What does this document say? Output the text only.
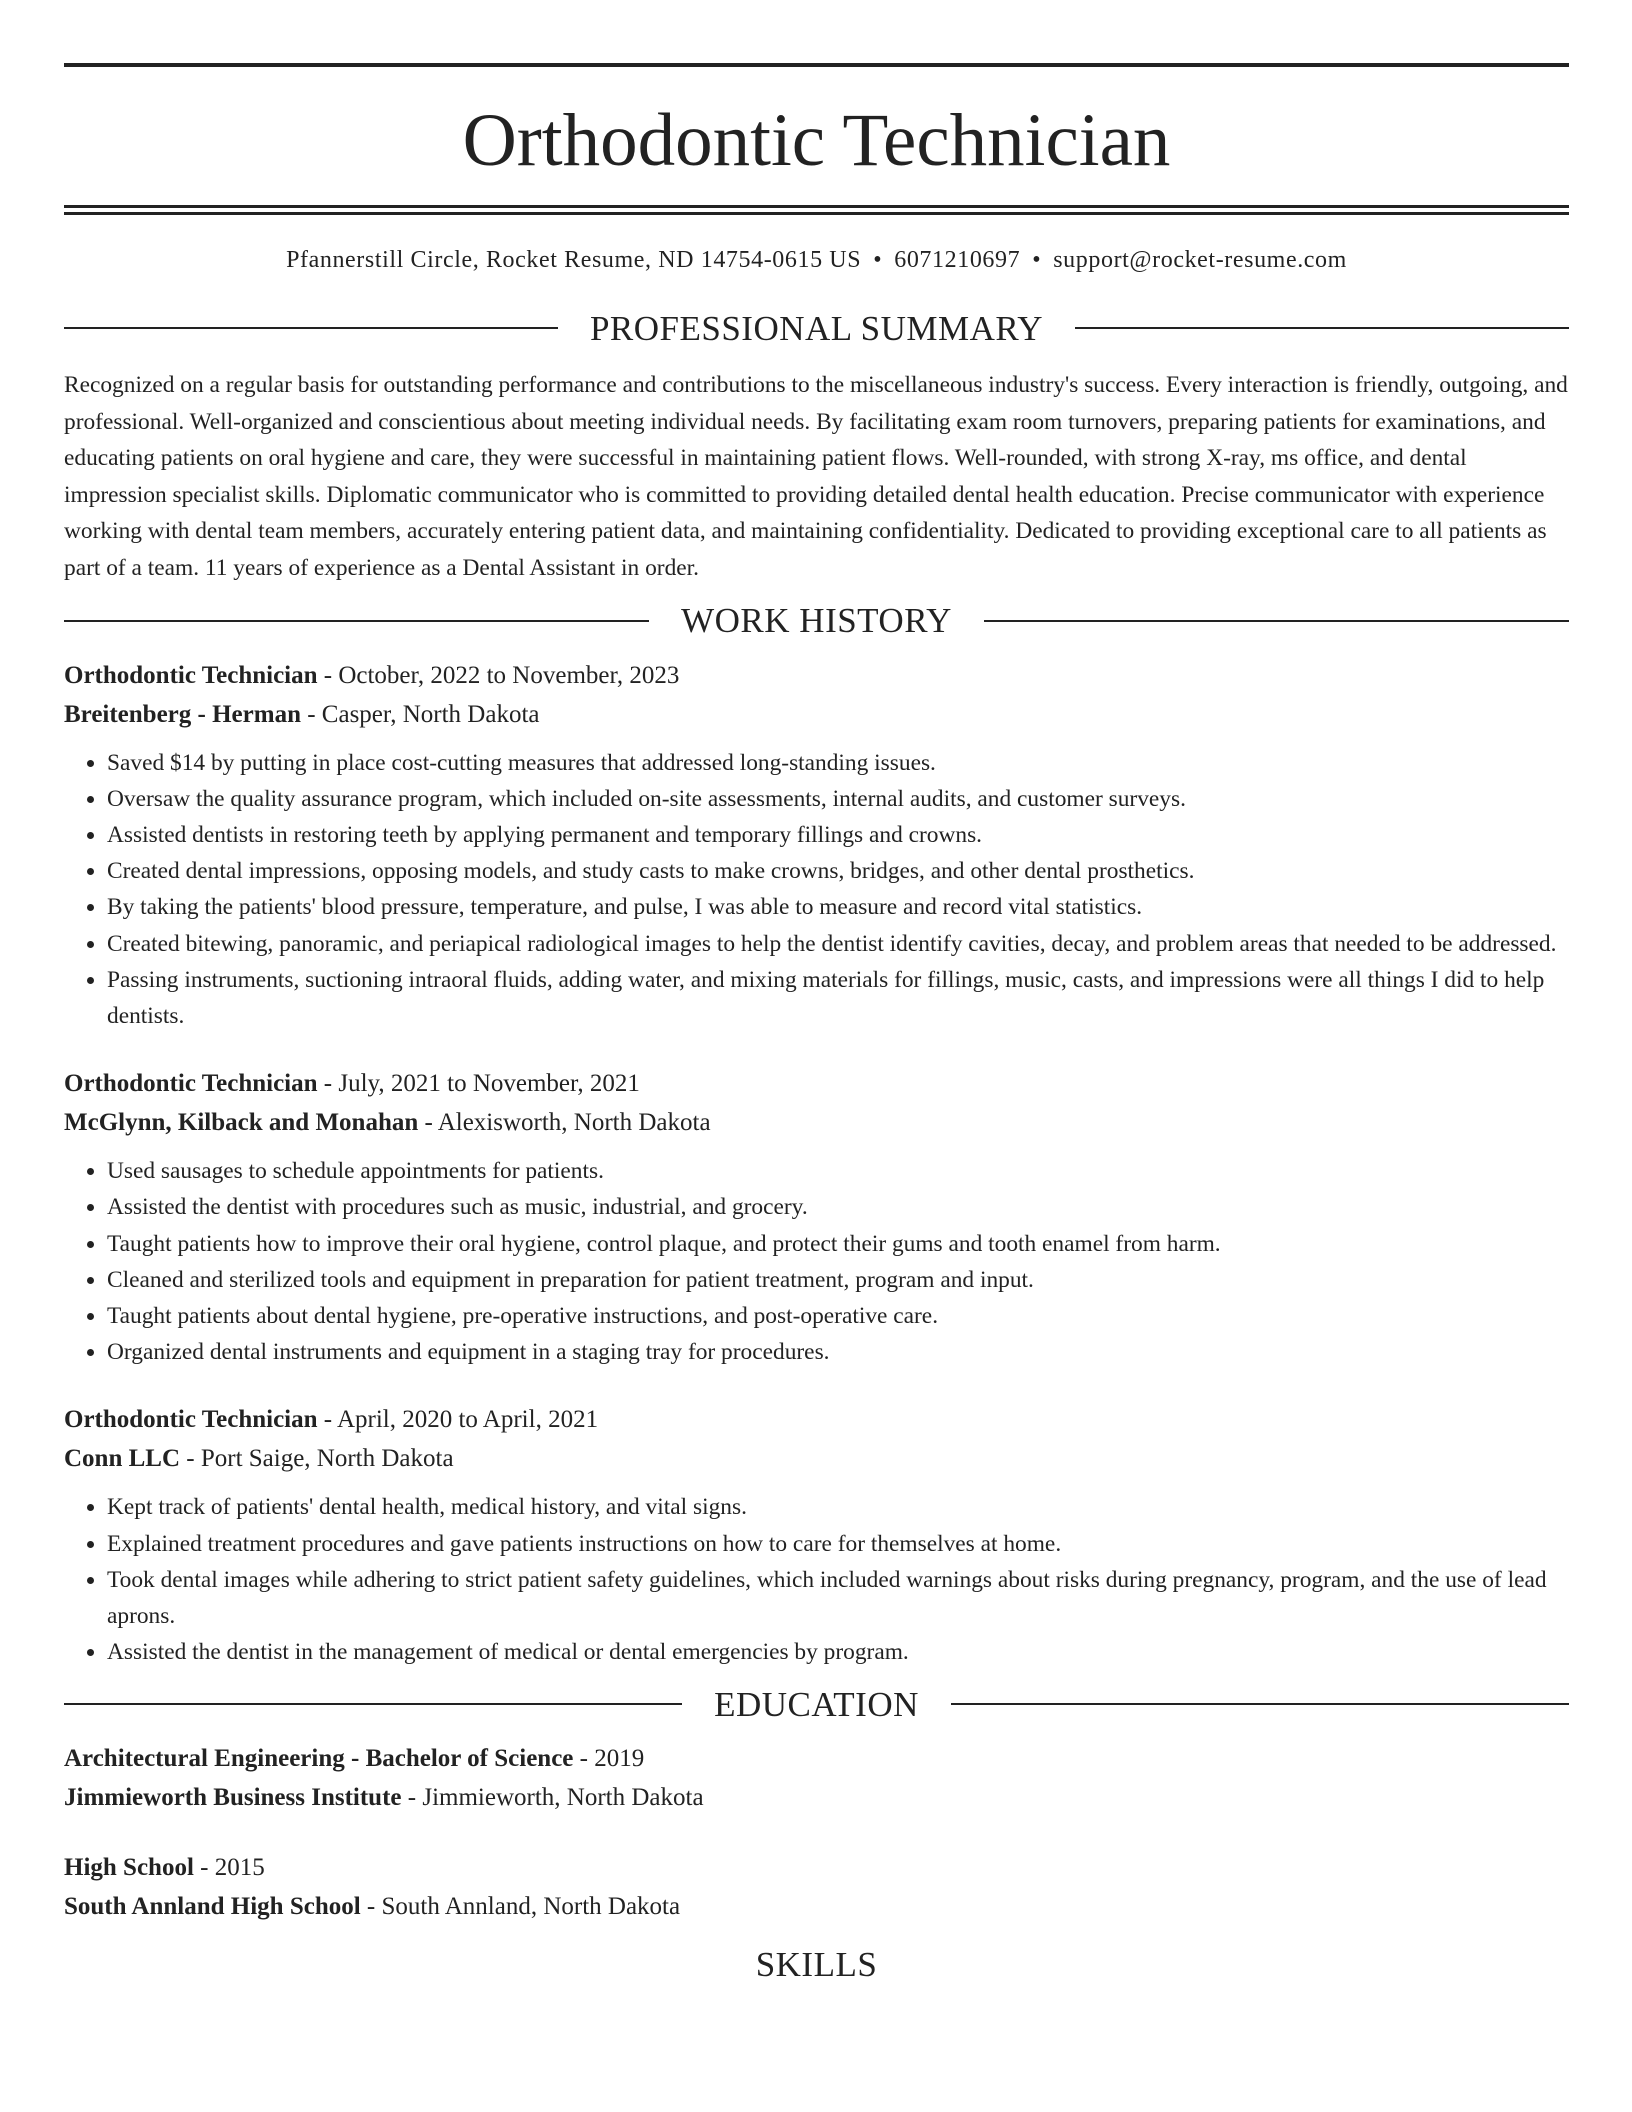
Orthodontic Technician
Pfannerstill Circle, Rocket Resume, ND 14754-0615 US • 6071210697 • support@rocket-resume.com
PROFESSIONAL SUMMARY
Recognized on a regular basis for outstanding performance and contributions to the miscellaneous industry's success. Every interaction is friendly, outgoing, and professional. Well-organized and conscientious about meeting individual needs. By facilitating exam room turnovers, preparing patients for examinations, and educating patients on oral hygiene and care, they were successful in maintaining patient flows. Well-rounded, with strong X-ray, ms office, and dental impression specialist skills. Diplomatic communicator who is committed to providing detailed dental health education. Precise communicator with experience working with dental team members, accurately entering patient data, and maintaining confidentiality. Dedicated to providing exceptional care to all patients as part of a team. 11 years of experience as a Dental Assistant in order.
WORK HISTORY
Orthodontic Technician - October, 2022 to November, 2023
Breitenberg - Herman - Casper, North Dakota
• Saved $14 by putting in place cost-cutting measures that addressed long-standing issues.
• Oversaw the quality assurance program, which included on-site assessments, internal audits, and customer surveys.
• Assisted dentists in restoring teeth by applying permanent and temporary fillings and crowns.
• Created dental impressions, opposing models, and study casts to make crowns, bridges, and other dental prosthetics.
• By taking the patients' blood pressure, temperature, and pulse, I was able to measure and record vital statistics.
• Created bitewing, panoramic, and periapical radiological images to help the dentist identify cavities, decay, and problem areas that needed to be addressed.
• Passing instruments, suctioning intraoral fluids, adding water, and mixing materials for fillings, music, casts, and impressions were all things I did to help dentists.
Orthodontic Technician - July, 2021 to November, 2021
McGlynn, Kilback and Monahan - Alexisworth, North Dakota
• Used sausages to schedule appointments for patients.
• Assisted the dentist with procedures such as music, industrial, and grocery.
• Taught patients how to improve their oral hygiene, control plaque, and protect their gums and tooth enamel from harm.
• Cleaned and sterilized tools and equipment in preparation for patient treatment, program and input.
• Taught patients about dental hygiene, pre-operative instructions, and post-operative care.
• Organized dental instruments and equipment in a staging tray for procedures.
Orthodontic Technician - April, 2020 to April, 2021
Conn LLC - Port Saige, North Dakota
• Kept track of patients' dental health, medical history, and vital signs.
• Explained treatment procedures and gave patients instructions on how to care for themselves at home.
• Took dental images while adhering to strict patient safety guidelines, which included warnings about risks during pregnancy, program, and the use of lead aprons.
• Assisted the dentist in the management of medical or dental emergencies by program.
EDUCATION
Architectural Engineering - Bachelor of Science - 2019
Jimmieworth Business Institute - Jimmieworth, North Dakota
High School - 2015
South Annland High School - South Annland, North Dakota
SKILLS
